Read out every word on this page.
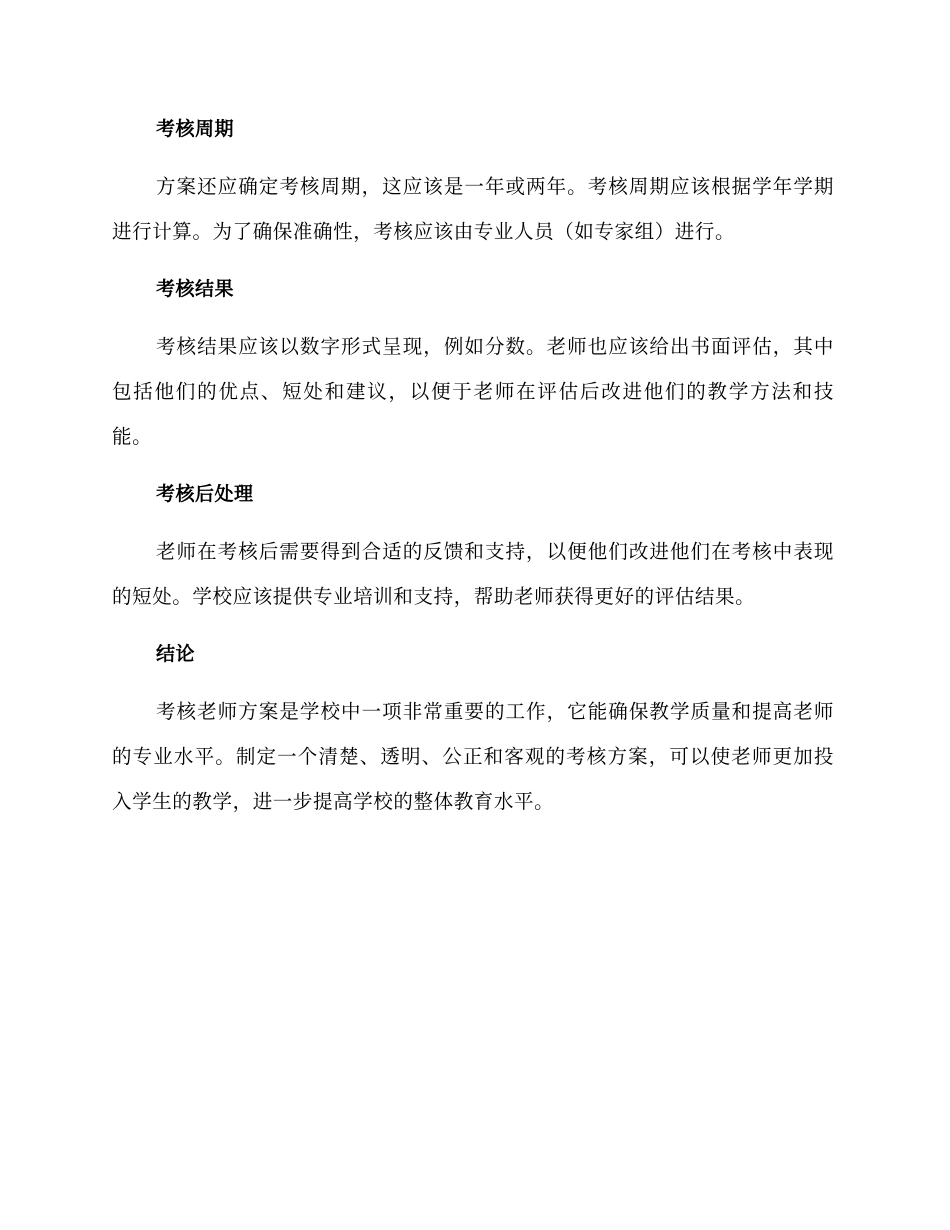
考核周期

方案还应确定考核周期，这应该是一年或两年。考核周期应该根据学年学期进行计算。为了确保准确性，考核应该由专业人员（如专家组）进行。

考核结果

考核结果应该以数字形式呈现，例如分数。老师也应该给出书面评估，其中包括他们的优点、短处和建议，以便于老师在评估后改进他们的教学方法和技能。

考核后处理

老师在考核后需要得到合适的反馈和支持，以便他们改进他们在考核中表现的短处。学校应该提供专业培训和支持，帮助老师获得更好的评估结果。

结论

考核老师方案是学校中一项非常重要的工作，它能确保教学质量和提高老师的专业水平。制定一个清楚、透明、公正和客观的考核方案，可以使老师更加投入学生的教学，进一步提高学校的整体教育水平。
